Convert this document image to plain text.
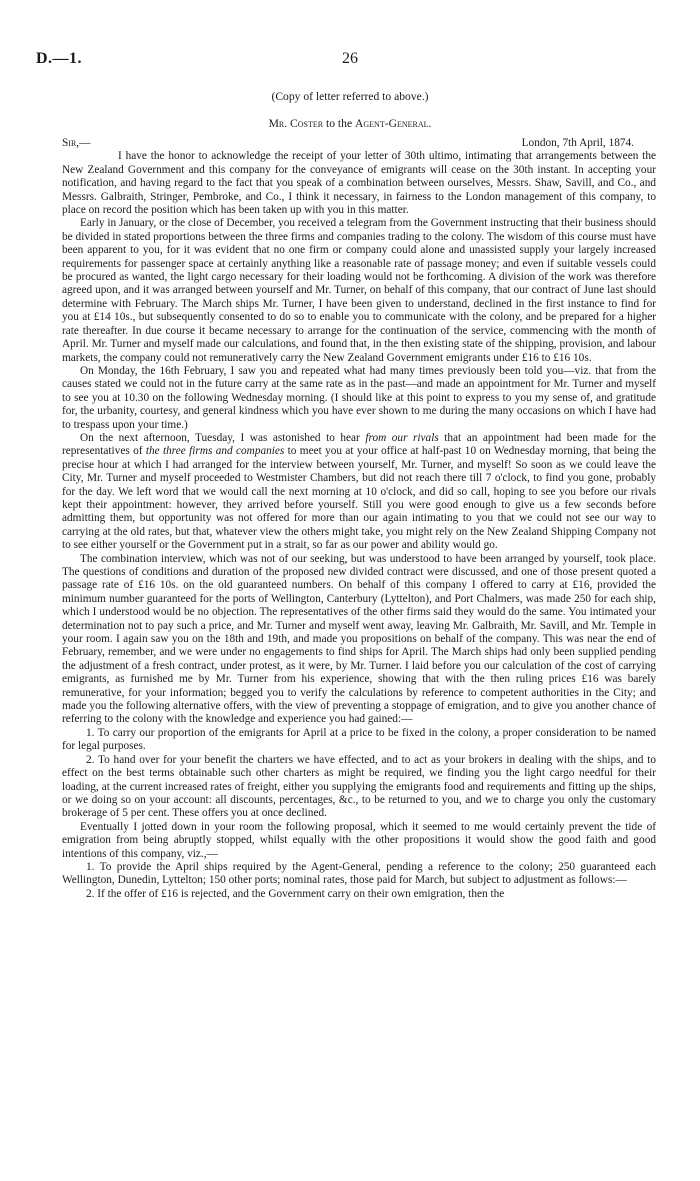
D.—1.	26
(Copy of letter referred to above.)
Mr. Coster to the Agent-General.
Sir,—	London, 7th April, 1874.

I have the honor to acknowledge the receipt of your letter of 30th ultimo, intimating that arrangements between the New Zealand Government and this company for the conveyance of emigrants will cease on the 30th instant. In accepting your notification, and having regard to the fact that you speak of a combination between ourselves, Messrs. Shaw, Savill, and Co., and Messrs. Galbraith, Stringer, Pembroke, and Co., I think it necessary, in fairness to the London management of this company, to place on record the position which has been taken up with you in this matter.

Early in January, or the close of December, you received a telegram from the Government instructing that their business should be divided in stated proportions between the three firms and companies trading to the colony. The wisdom of this course must have been apparent to you, for it was evident that no one firm or company could alone and unassisted supply your largely increased requirements for passenger space at certainly anything like a reasonable rate of passage money; and even if suitable vessels could be procured as wanted, the light cargo necessary for their loading would not be forthcoming. A division of the work was therefore agreed upon, and it was arranged between yourself and Mr. Turner, on behalf of this company, that our contract of June last should determine with February. The March ships Mr. Turner, I have been given to understand, declined in the first instance to find for you at £14 10s., but subsequently consented to do so to enable you to communicate with the colony, and be prepared for a higher rate thereafter. In due course it became necessary to arrange for the continuation of the service, commencing with the month of April. Mr. Turner and myself made our calculations, and found that, in the then existing state of the shipping, provision, and labour markets, the company could not remuneratively carry the New Zealand Government emigrants under £16 to £16 10s.

On Monday, the 16th February, I saw you and repeated what had many times previously been told you—viz. that from the causes stated we could not in the future carry at the same rate as in the past—and made an appointment for Mr. Turner and myself to see you at 10.30 on the following Wednesday morning. (I should like at this point to express to you my sense of, and gratitude for, the urbanity, courtesy, and general kindness which you have ever shown to me during the many occasions on which I have had to trespass upon your time.)

On the next afternoon, Tuesday, I was astonished to hear from our rivals that an appointment had been made for the representatives of the three firms and companies to meet you at your office at half-past 10 on Wednesday morning, that being the precise hour at which I had arranged for the interview between yourself, Mr. Turner, and myself! So soon as we could leave the City, Mr. Turner and myself proceeded to Westmister Chambers, but did not reach there till 7 o'clock, to find you gone, probably for the day. We left word that we would call the next morning at 10 o'clock, and did so call, hoping to see you before our rivals kept their appointment: however, they arrived before yourself. Still you were good enough to give us a few seconds before admitting them, but opportunity was not offered for more than our again intimating to you that we could not see our way to carrying at the old rates, but that, whatever view the others might take, you might rely on the New Zealand Shipping Company not to see either yourself or the Government put in a strait, so far as our power and ability would go.

The combination interview, which was not of our seeking, but was understood to have been arranged by yourself, took place. The questions of conditions and duration of the proposed new divided contract were discussed, and one of those present quoted a passage rate of £16 10s. on the old guaranteed numbers. On behalf of this company I offered to carry at £16, provided the minimum number guaranteed for the ports of Wellington, Canterbury (Lyttelton), and Port Chalmers, was made 250 for each ship, which I understood would be no objection. The representatives of the other firms said they would do the same. You intimated your determination not to pay such a price, and Mr. Turner and myself went away, leaving Mr. Galbraith, Mr. Savill, and Mr. Temple in your room. I again saw you on the 18th and 19th, and made you propositions on behalf of the company. This was near the end of February, remember, and we were under no engagements to find ships for April. The March ships had only been supplied pending the adjustment of a fresh contract, under protest, as it were, by Mr. Turner. I laid before you our calculation of the cost of carrying emigrants, as furnished me by Mr. Turner from his experience, showing that with the then ruling prices £16 was barely remunerative, for your information; begged you to verify the calculations by reference to competent authorities in the City; and made you the following alternative offers, with the view of preventing a stoppage of emigration, and to give you another chance of referring to the colony with the knowledge and experience you had gained:—

1. To carry our proportion of the emigrants for April at a price to be fixed in the colony, a proper consideration to be named for legal purposes.

2. To hand over for your benefit the charters we have effected, and to act as your brokers in dealing with the ships, and to effect on the best terms obtainable such other charters as might be required, we finding you the light cargo needful for their loading, at the current increased rates of freight, either you supplying the emigrants food and requirements and fitting up the ships, or we doing so on your account: all discounts, percentages, &c., to be returned to you, and we to charge you only the customary brokerage of 5 per cent. These offers you at once declined.

Eventually I jotted down in your room the following proposal, which it seemed to me would certainly prevent the tide of emigration from being abruptly stopped, whilst equally with the other propositions it would show the good faith and good intentions of this company, viz.,—

1. To provide the April ships required by the Agent-General, pending a reference to the colony; 250 guaranteed each Wellington, Dunedin, Lyttelton; 150 other ports; nominal rates, those paid for March, but subject to adjustment as follows:—

2. If the offer of £16 is rejected, and the Government carry on their own emigration, then the
